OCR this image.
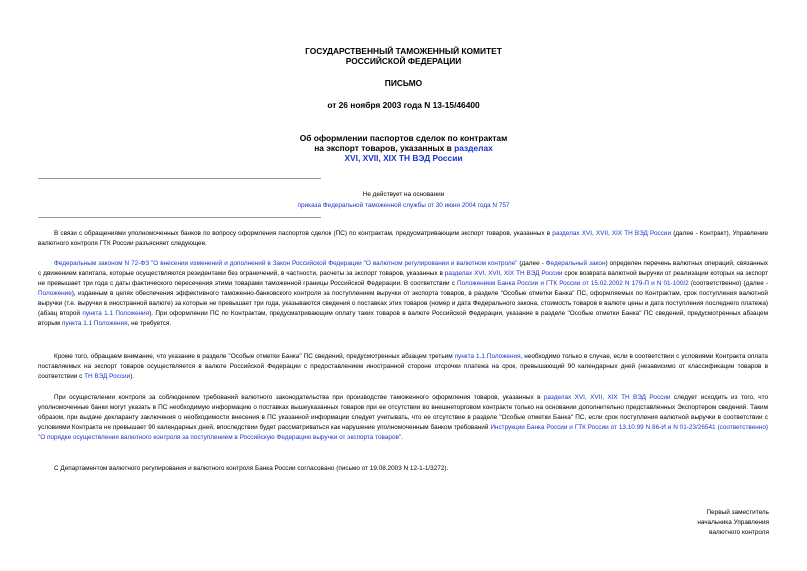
ГОСУДАРСТВЕННЫЙ ТАМОЖЕННЫЙ КОМИТЕТ
РОССИЙСКОЙ ФЕДЕРАЦИИ
ПИСЬМО
от 26 ноября 2003 года N 13-15/46400
Об оформлении паспортов сделок по контрактам
на экспорт товаров, указанных в разделах
XVI, XVII, XIX ТН ВЭД России
Не действует на основании
приказа Федеральной таможенной службы от 30 июня 2004 года N 757
В связи с обращениями уполномоченных банков по вопросу оформления паспортов сделок (ПС) по контрактам, предусматривающим экспорт товаров, указанных в разделах XVI, XVII, XIX ТН ВЭД России (далее - Контракт), Управление валютного контроля ГТК России разъясняет следующее.
Федеральным законом N 72-ФЗ "О внесении изменений и дополнений в Закон Российской Федерации "О валютном регулировании и валютном контроле" (далее - Федеральный закон) определен перечень валютных операций, связанных с движением капитала, которые осуществляются резидентами без ограничений, в частности, расчеты за экспорт товаров, указанных в разделах XVI, XVII, XIX ТН ВЭД России срок возврата валютной выручки от реализации которых на экспорт не превышает три года с даты фактического пересечения этими товарами таможенной границы Российской Федерации. В соответствии с Положением Банка России и ГТК России от 15.02.2002 N 179-П и N 01-100/2 (соответственно) (далее - Положение), изданным в целях обеспечения эффективного таможенно-банковского контроля за поступлением выручки от экспорта товаров, в разделе "Особые отметки Банка" ПС, оформляемых по Контрактам, срок поступления валютной выручки (т.е. выручки в иностранной валюте) за которые не превышает три года, указываются сведения о поставках этих товаров (номер и дата Федерального закона, стоимость товаров в валюте цены и дата поступления последнего платежа) (абзац второй пункта 1.1 Положения). При оформлении ПС по Контрактам, предусматривающим оплату таких товаров в валюте Российской Федерации, указание в разделе "Особые отметки Банка" ПС сведений, предусмотренных абзацем вторым пункта 1.1 Положения, не требуется.
Кроме того, обращаем внимание, что указание в разделе "Особые отметки Банка" ПС сведений, предусмотренных абзацем третьим пункта 1.1 Положения, необходимо только в случае, если в соответствии с условиями Контракта оплата поставляемых на экспорт товаров осуществляется в валюте Российской Федерации с предоставлением иностранной стороне отсрочки платежа на срок, превышающий 90 календарных дней (независимо от классификации товаров в соответствии с ТН ВЭД России).
При осуществлении контроля за соблюдением требований валютного законодательства при производстве таможенного оформления товаров, указанных в разделах XVI, XVII, XIX ТН ВЭД России следует исходить из того, что уполномоченные банки могут указать в ПС необходимую информацию о поставках вышеуказанных товаров при ее отсутствии во внешнеторговом контракте только на основании дополнительно представленных Экспортером сведений. Таким образом, при выдаче декларанту заключения о необходимости внесения в ПС указанной информации следует учитывать, что ее отсутствие в разделе "Особые отметки Банка" ПС, если срок поступления валютной выручки в соответствии с условиями Контракта не превышает 90 календарных дней, впоследствии будет рассматриваться как нарушение уполномоченным банком требований Инструкции Банка России и ГТК России от 13.10.99 N 86-И и N 01-23/26541 (соответственно) "О порядке осуществления валютного контроля за поступлением в Российскую Федерацию выручки от экспорта товаров".
С Департаментом валютного регулирования и валютного контроля Банка России согласовано (письмо от 19.08.2003 N 12-1-1/3272).
Первый заместитель
начальника Управления
валютного контроля
